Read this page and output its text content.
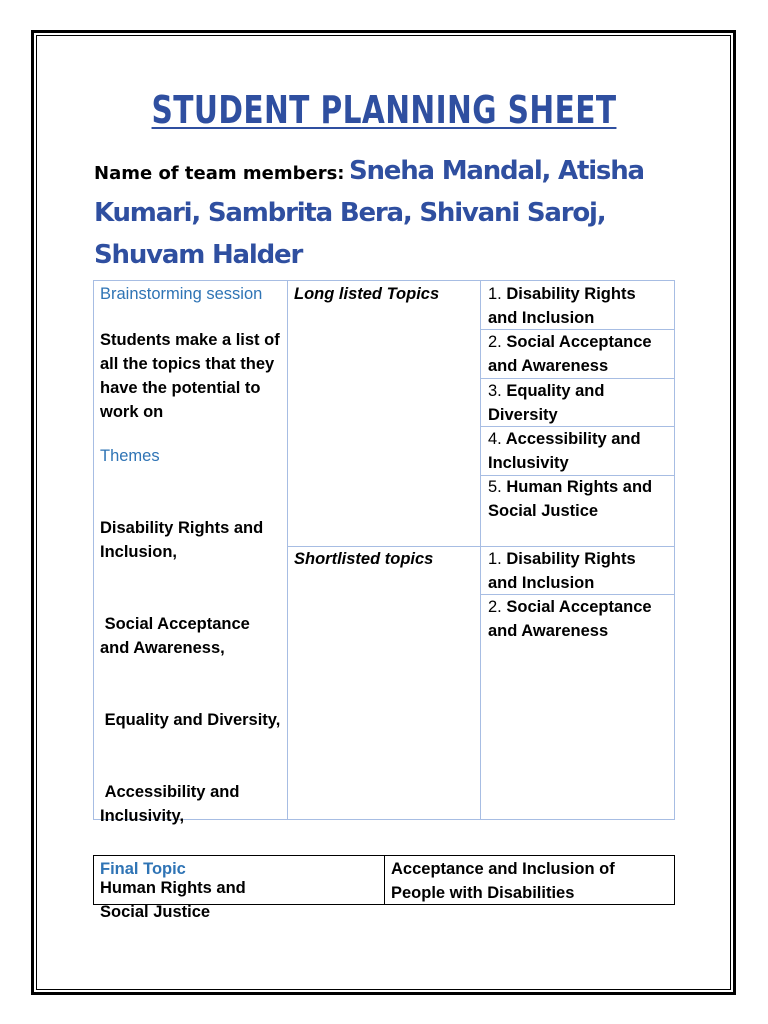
STUDENT PLANNING SHEET
Name of team members: Sneha Mandal, Atisha Kumari, Sambrita Bera, Shivani Saroj, Shuvam Halder
Brainstorming session
Students make a list of all the topics that they have the potential to work on
Themes

Disability Rights and Inclusion,

Social Acceptance and Awareness,

Equality and Diversity,

Accessibility and Inclusivity,

Human Rights and Social Justice

Long listed Topics
Shortlisted topics
1. Disability Rights and Inclusion
2. Social Acceptance and Awareness
3. Equality and Diversity
4. Accessibility and Inclusivity
5. Human Rights and Social Justice
1. Disability Rights and Inclusion
2. Social Acceptance and Awareness
Final Topic	Acceptance and Inclusion of People with Disabilities
